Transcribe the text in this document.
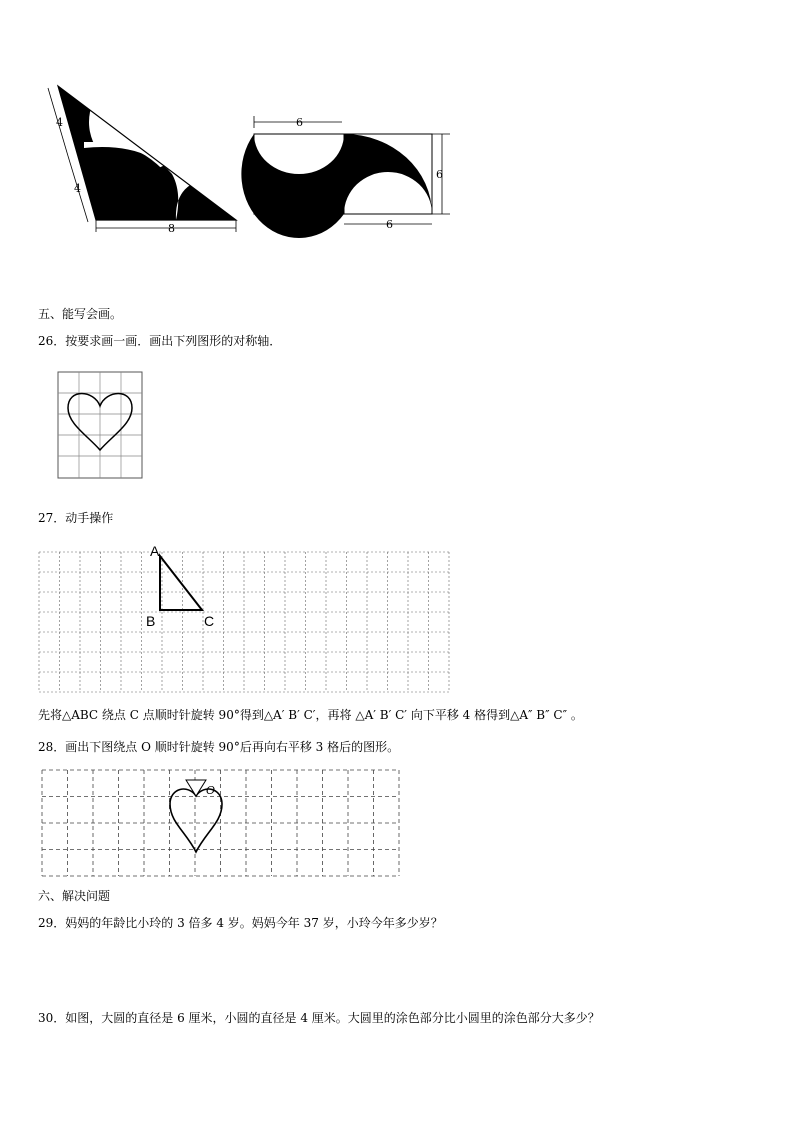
4
4
8
6
6
6
五、能写会画。
26．按要求画一画．画出下列图形的对称轴．
27．动手操作
A
B	C
先将△ABC 绕点 C 点顺时针旋转 90°得到△A′ B′ C′，再将 △A′ B′ C′ 向下平移 4 格得到△A″ B″ C″ 。
28．画出下图绕点 O 顺时针旋转 90°后再向右平移 3 格后的图形。
O
六、解决问题
29．妈妈的年龄比小玲的 3 倍多 4 岁。妈妈今年 37 岁，小玲今年多少岁？
30．如图，大圆的直径是 6 厘米，小圆的直径是 4 厘米。大圆里的涂色部分比小圆里的涂色部分大多少？
